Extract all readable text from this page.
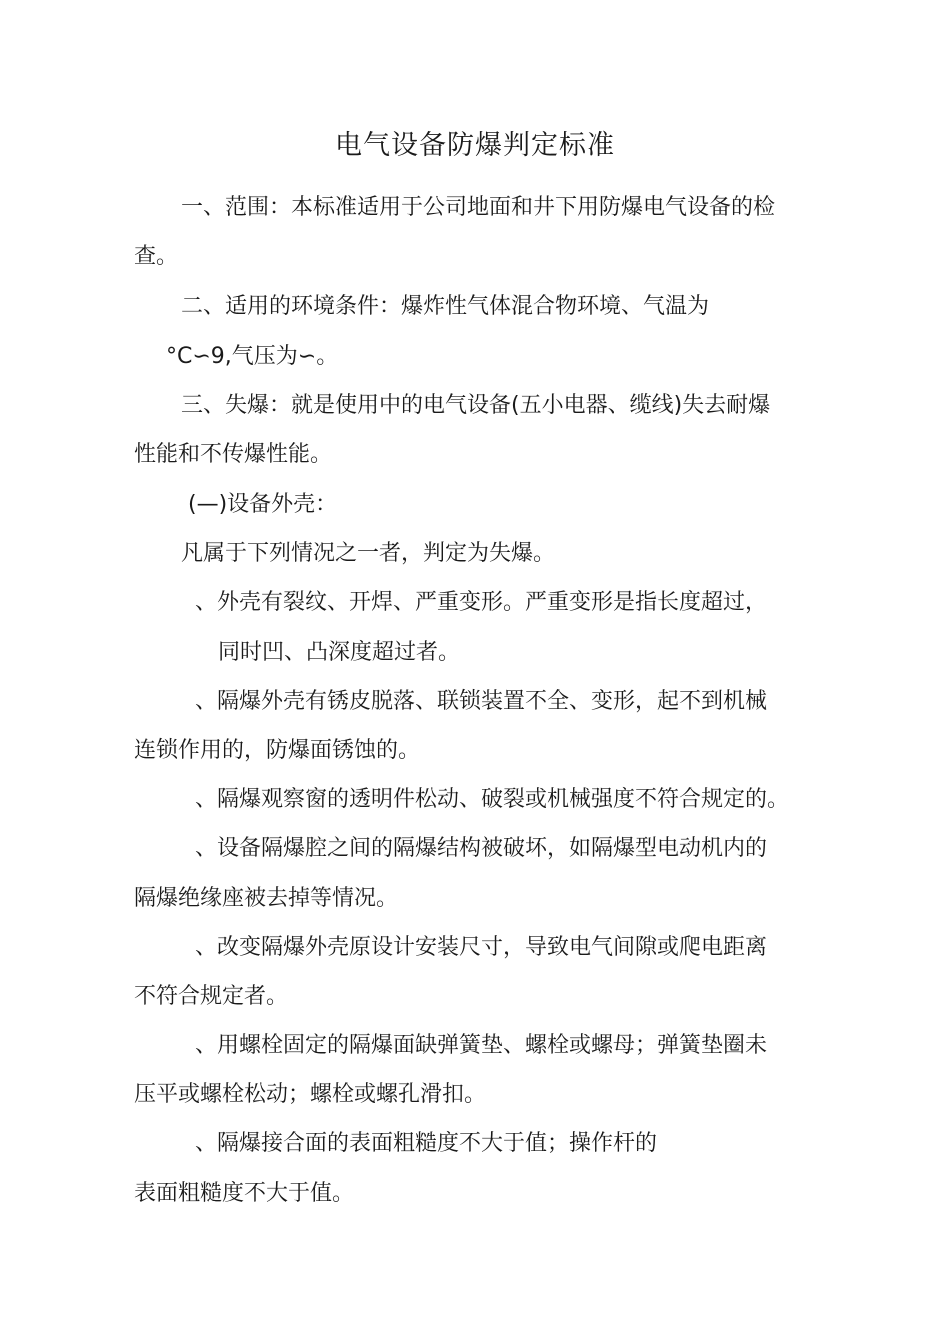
电气设备防爆判定标准
一、范围：本标准适用于公司地面和井下用防爆电气设备的检
查。
二、适用的环境条件：爆炸性气体混合物环境、气温为
°C∽9,气压为∽。
三、失爆：就是使用中的电气设备(五小电器、缆线)失去耐爆
性能和不传爆性能。
(—)设备外壳：
凡属于下列情况之一者，判定为失爆。
、外壳有裂纹、开焊、严重变形。严重变形是指长度超过，
同时凹、凸深度超过者。
、隔爆外壳有锈皮脱落、联锁装置不全、变形，起不到机械
连锁作用的，防爆面锈蚀的。
、隔爆观察窗的透明件松动、破裂或机械强度不符合规定的。
、设备隔爆腔之间的隔爆结构被破坏，如隔爆型电动机内的
隔爆绝缘座被去掉等情况。
、改变隔爆外壳原设计安装尺寸，导致电气间隙或爬电距离
不符合规定者。
、用螺栓固定的隔爆面缺弹簧垫、螺栓或螺母；弹簧垫圈未
压平或螺栓松动；螺栓或螺孔滑扣。
、隔爆接合面的表面粗糙度不大于值；操作杆的
表面粗糙度不大于值。
